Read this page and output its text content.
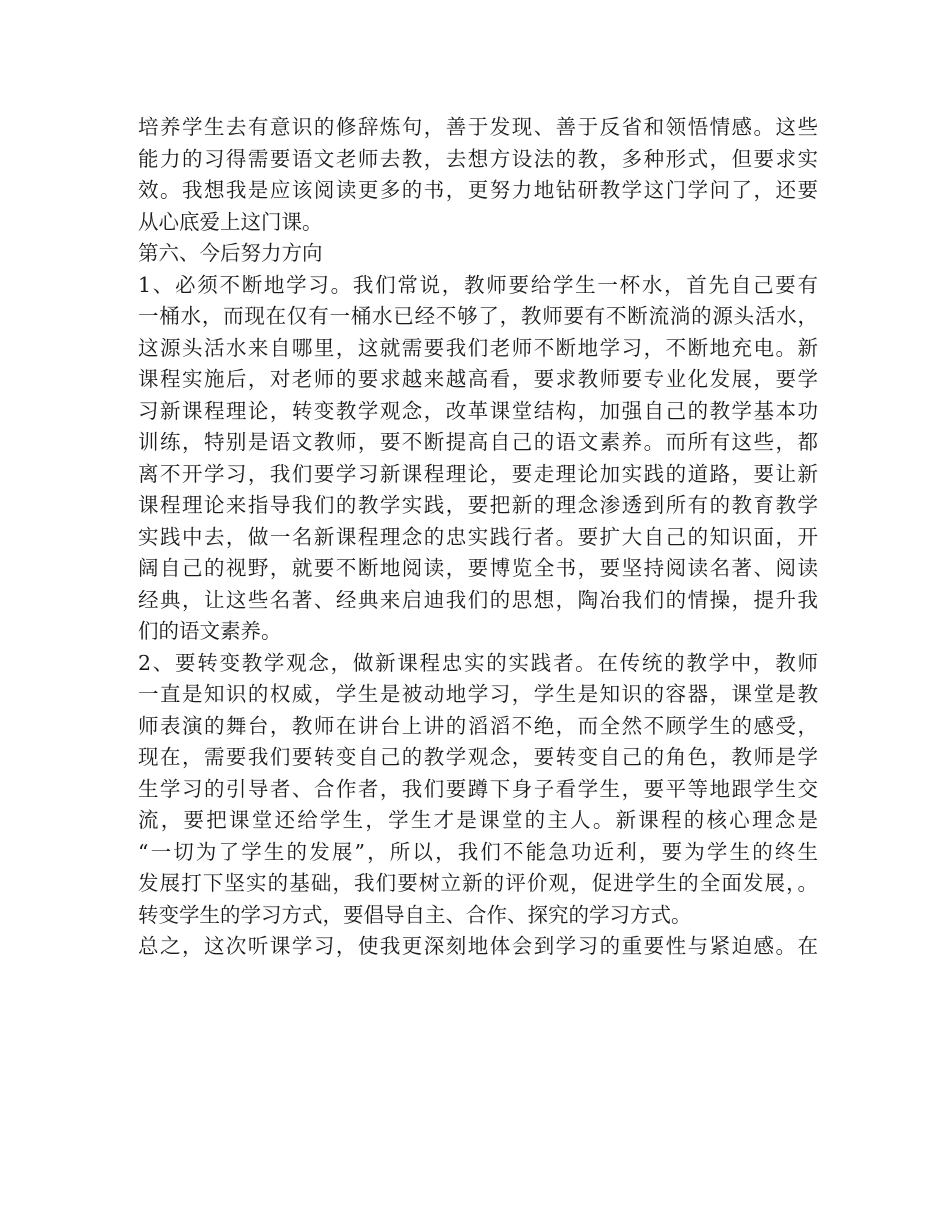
培养学生去有意识的修辞炼句，善于发现、善于反省和领悟情感。这些
能力的习得需要语文老师去教，去想方设法的教，多种形式，但要求实
效。我想我是应该阅读更多的书，更努力地钻研教学这门学问了，还要
从心底爱上这门课。
第六、今后努力方向
1、必须不断地学习。我们常说，教师要给学生一杯水，首先自己要有
一桶水，而现在仅有一桶水已经不够了，教师要有不断流淌的源头活水，
这源头活水来自哪里，这就需要我们老师不断地学习，不断地充电。新
课程实施后，对老师的要求越来越高看，要求教师要专业化发展，要学
习新课程理论，转变教学观念，改革课堂结构，加强自己的教学基本功
训练，特别是语文教师，要不断提高自己的语文素养。而所有这些，都
离不开学习，我们要学习新课程理论，要走理论加实践的道路，要让新
课程理论来指导我们的教学实践，要把新的理念渗透到所有的教育教学
实践中去，做一名新课程理念的忠实践行者。要扩大自己的知识面，开
阔自己的视野，就要不断地阅读，要博览全书，要坚持阅读名著、阅读
经典，让这些名著、经典来启迪我们的思想，陶冶我们的情操，提升我
们的语文素养。
2、要转变教学观念，做新课程忠实的实践者。在传统的教学中，教师
一直是知识的权威，学生是被动地学习，学生是知识的容器，课堂是教
师表演的舞台，教师在讲台上讲的滔滔不绝，而全然不顾学生的感受，
现在，需要我们要转变自己的教学观念，要转变自己的角色，教师是学
生学习的引导者、合作者，我们要蹲下身子看学生，要平等地跟学生交
流，要把课堂还给学生，学生才是课堂的主人。新课程的核心理念是
“一切为了学生的发展”，所以，我们不能急功近利，要为学生的终生
发展打下坚实的基础，我们要树立新的评价观，促进学生的全面发展，。
转变学生的学习方式，要倡导自主、合作、探究的学习方式。
总之，这次听课学习，使我更深刻地体会到学习的重要性与紧迫感。在
